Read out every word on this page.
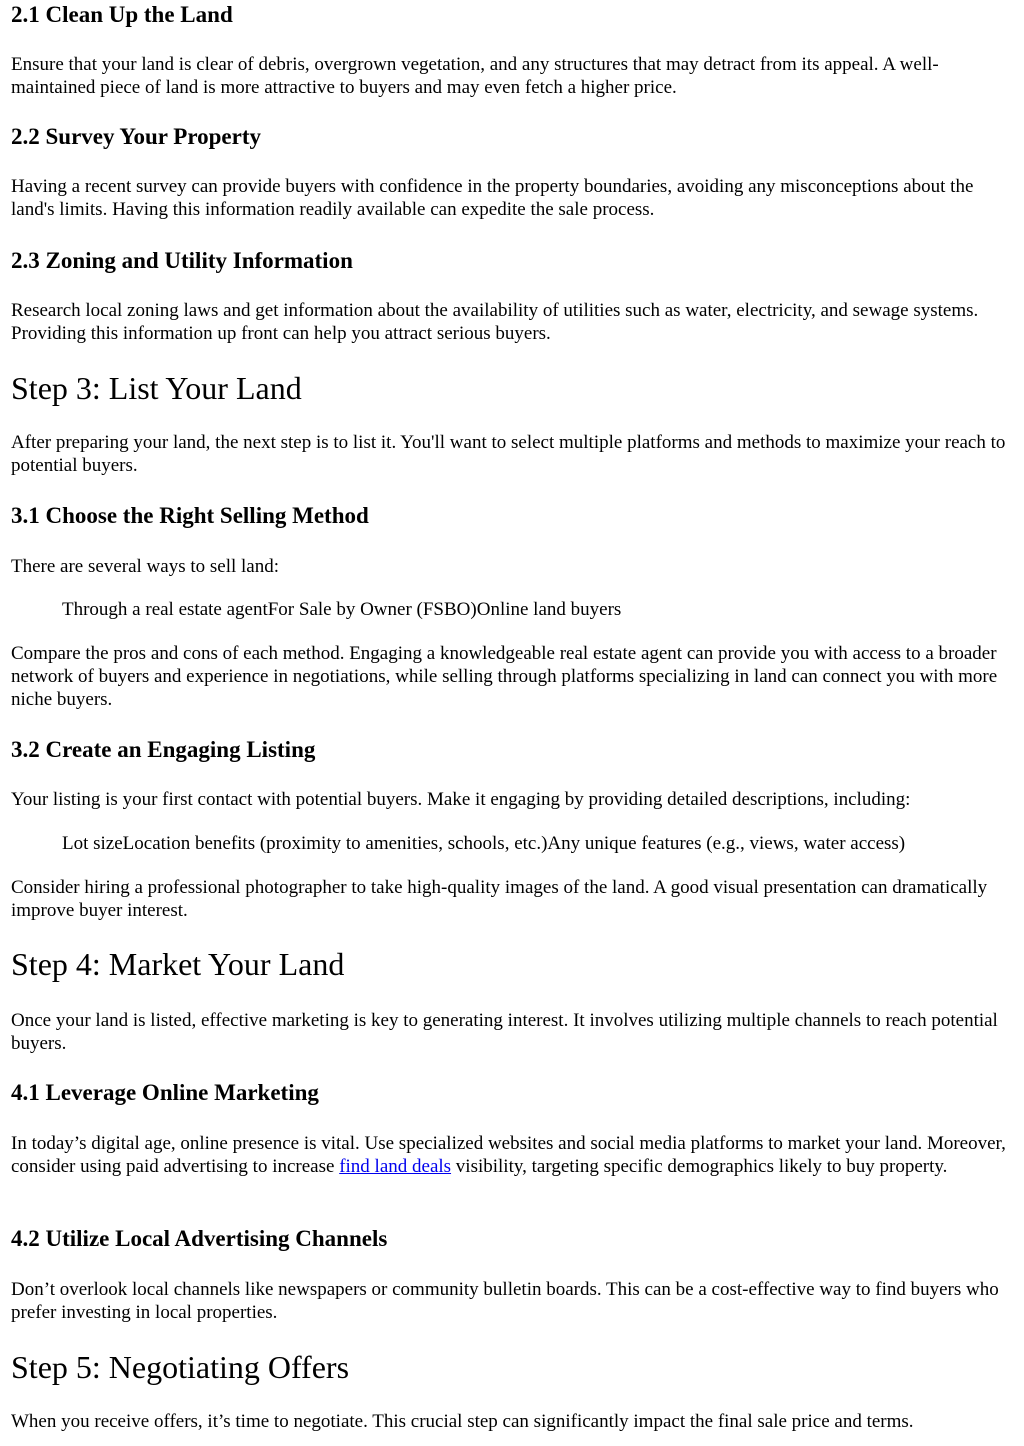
2.1 Clean Up the Land

Ensure that your land is clear of debris, overgrown vegetation, and any structures that may detract from its appeal. A well-maintained piece of land is more attractive to buyers and may even fetch a higher price.

2.2 Survey Your Property

Having a recent survey can provide buyers with confidence in the property boundaries, avoiding any misconceptions about the land's limits. Having this information readily available can expedite the sale process.

2.3 Zoning and Utility Information

Research local zoning laws and get information about the availability of utilities such as water, electricity, and sewage systems. Providing this information up front can help you attract serious buyers.

Step 3: List Your Land

After preparing your land, the next step is to list it. You'll want to select multiple platforms and methods to maximize your reach to potential buyers.

3.1 Choose the Right Selling Method

There are several ways to sell land:

Through a real estate agentFor Sale by Owner (FSBO)Online land buyers

Compare the pros and cons of each method. Engaging a knowledgeable real estate agent can provide you with access to a broader network of buyers and experience in negotiations, while selling through platforms specializing in land can connect you with more niche buyers.

3.2 Create an Engaging Listing

Your listing is your first contact with potential buyers. Make it engaging by providing detailed descriptions, including:

Lot sizeLocation benefits (proximity to amenities, schools, etc.)Any unique features (e.g., views, water access)

Consider hiring a professional photographer to take high-quality images of the land. A good visual presentation can dramatically improve buyer interest.

Step 4: Market Your Land

Once your land is listed, effective marketing is key to generating interest. It involves utilizing multiple channels to reach potential buyers.

4.1 Leverage Online Marketing

In today’s digital age, online presence is vital. Use specialized websites and social media platforms to market your land. Moreover, consider using paid advertising to increase find land deals visibility, targeting specific demographics likely to buy property.

4.2 Utilize Local Advertising Channels

Don’t overlook local channels like newspapers or community bulletin boards. This can be a cost-effective way to find buyers who prefer investing in local properties.

Step 5: Negotiating Offers

When you receive offers, it’s time to negotiate. This crucial step can significantly impact the final sale price and terms.
